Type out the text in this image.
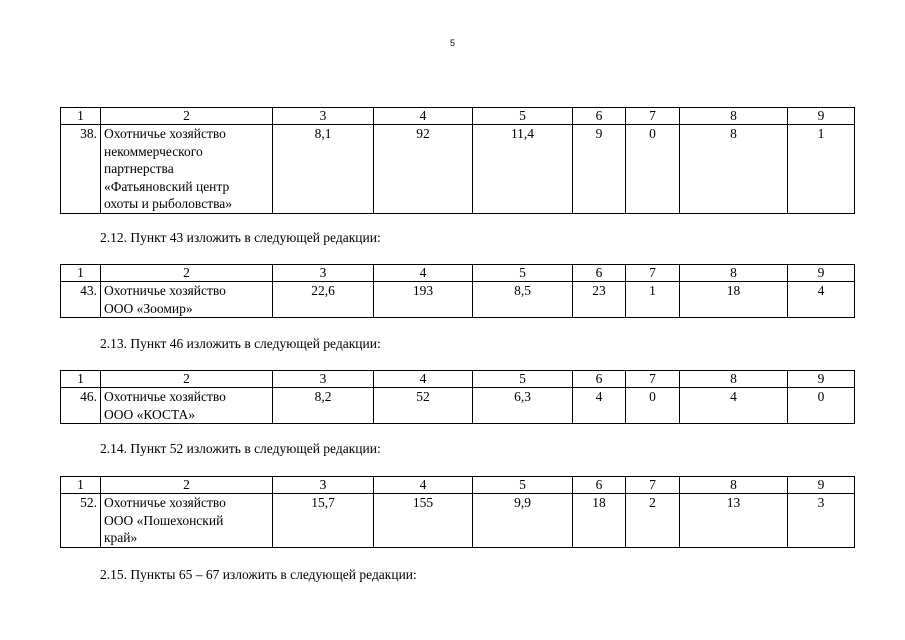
5
1	2	3	4	5	6	7	8	9
38.	Охотничье хозяйство
некоммерческого
партнерства
«Фатьяновский центр
охоты и рыболовства»	8,1	92	11,4	9	0	8	1
2.12. Пункт 43 изложить в следующей редакции:
1	2	3	4	5	6	7	8	9
43.	Охотничье хозяйство
ООО «Зоомир»	22,6	193	8,5	23	1	18	4
2.13. Пункт 46 изложить в следующей редакции:
1	2	3	4	5	6	7	8	9
46.	Охотничье хозяйство
ООО «КОСТА»	8,2	52	6,3	4	0	4	0
2.14. Пункт 52 изложить в следующей редакции:
1	2	3	4	5	6	7	8	9
52.	Охотничье хозяйство
ООО «Пошехонский
край»	15,7	155	9,9	18	2	13	3
2.15. Пункты 65 – 67 изложить в следующей редакции:
